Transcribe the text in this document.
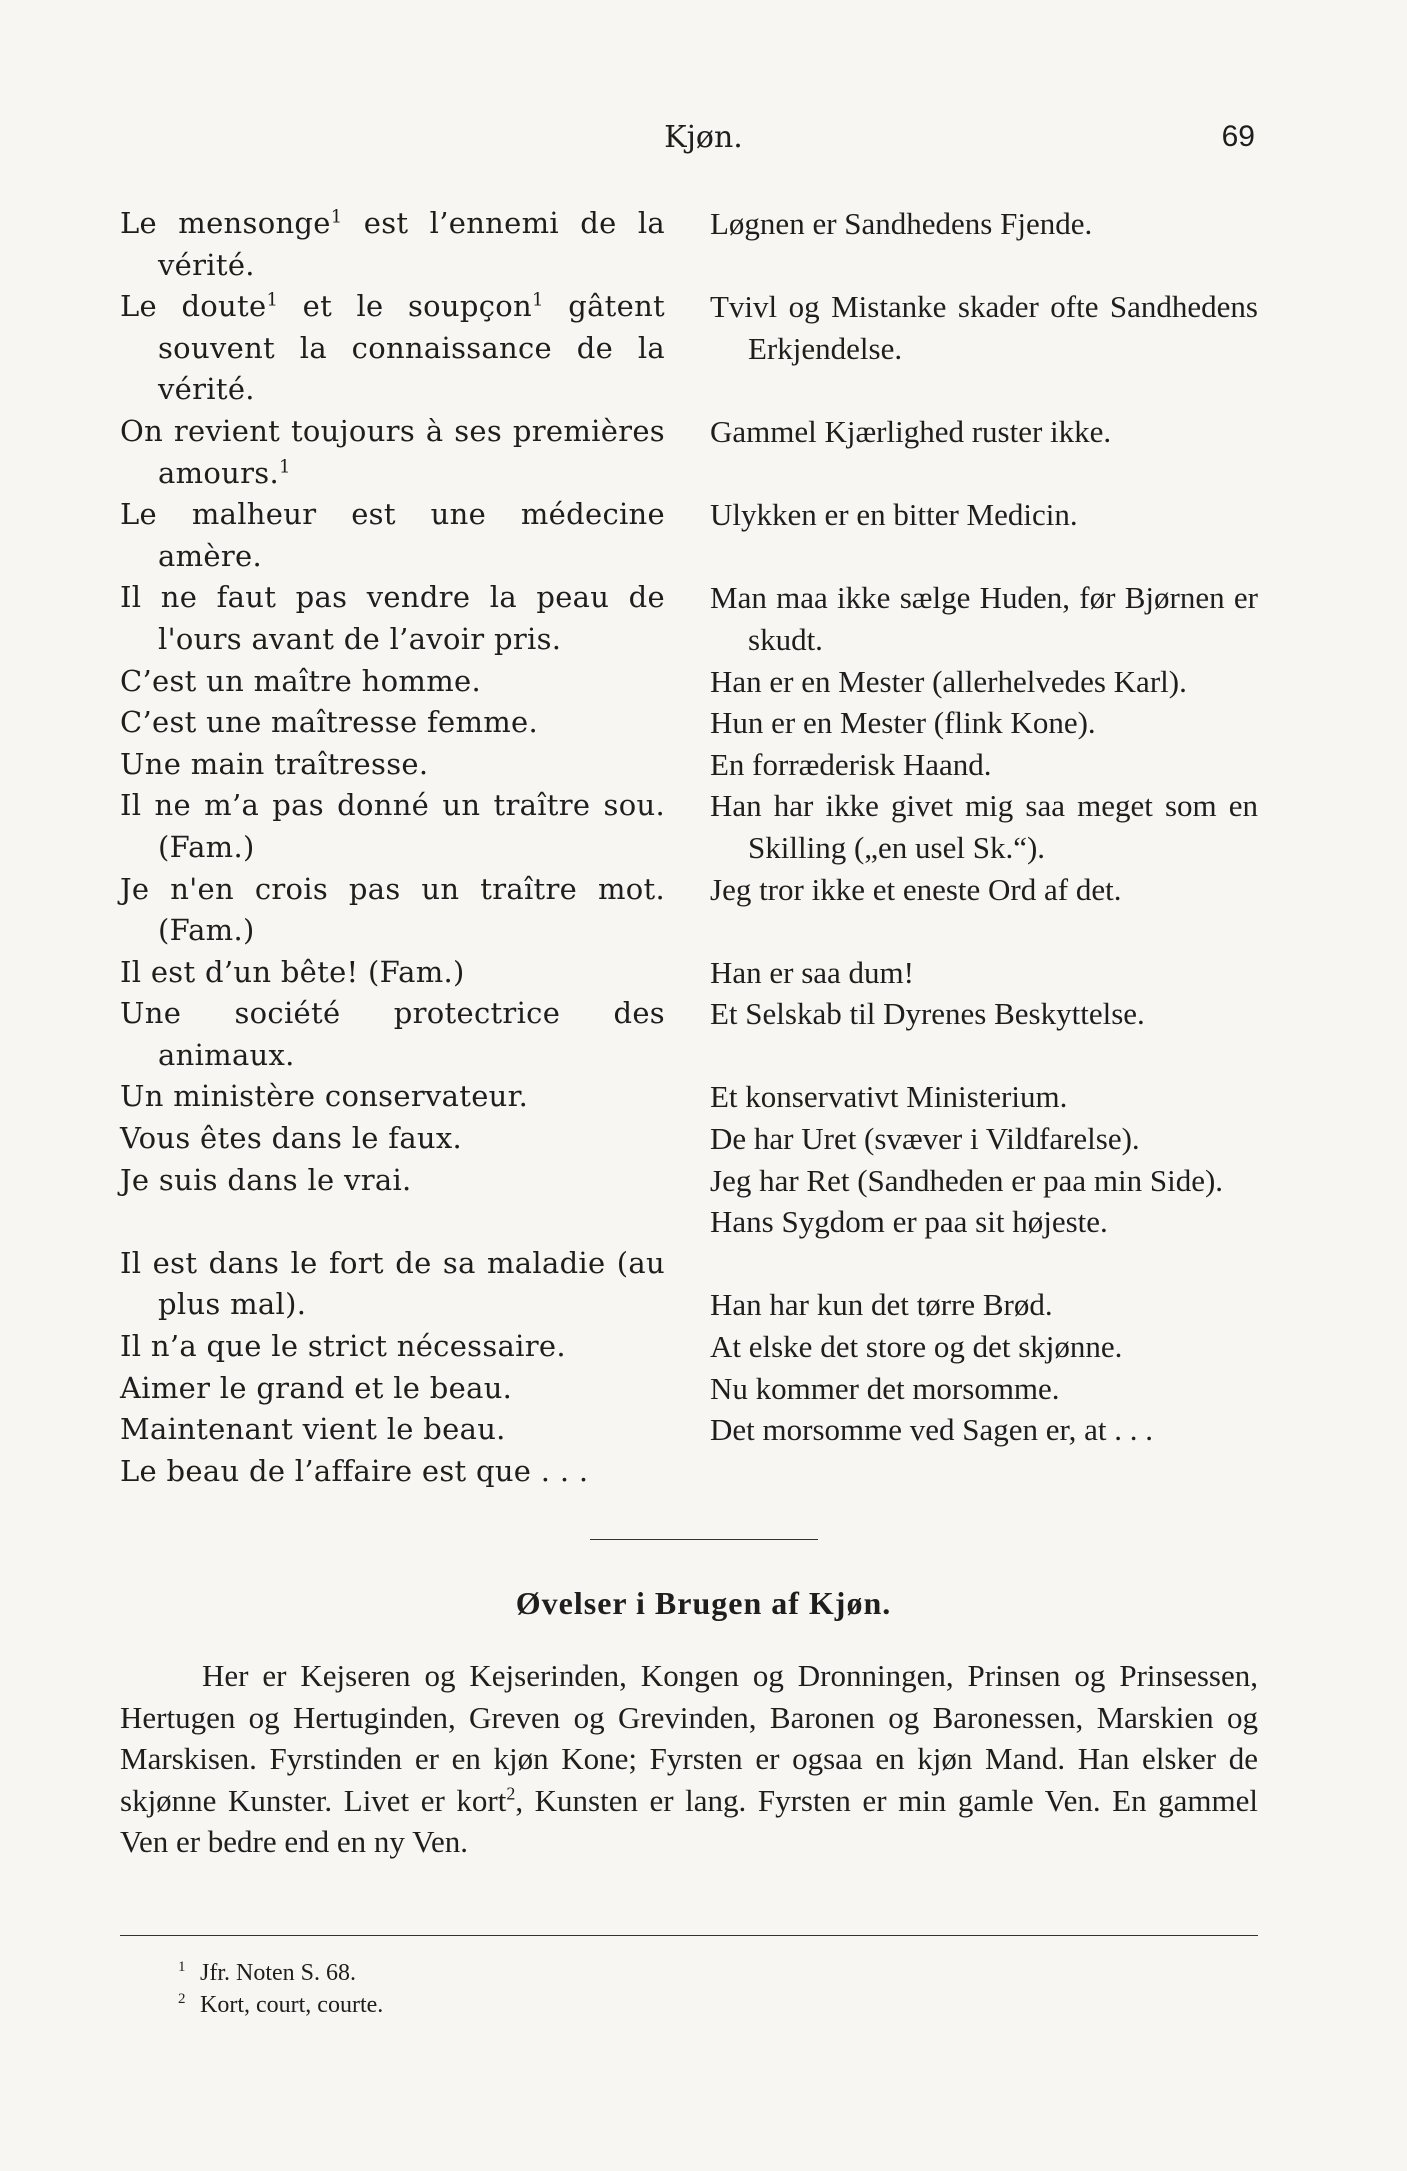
Kjøn.	69
Le mensonge$^1$ est l’ennemi de la vérité.
Le doute$^1$ et le soupçon$^1$ gâtent souvent la connaissance de la vérité.
On revient toujours à ses premières amours.$^1$
Le malheur est une médecine amère.
Il ne faut pas vendre la peau de l'ours avant de l’avoir pris.
C’est un maître homme.
C’est une maîtresse femme.
Une main traîtresse.
Il ne m’a pas donné un traître sou. (Fam.)
Je n'en crois pas un traître mot. (Fam.)
Il est d’un bête! (Fam.)
Une société protectrice des animaux.
Un ministère conservateur.
Vous êtes dans le faux.
Je suis dans le vrai.
Il est dans le fort de sa maladie (au plus mal).
Il n’a que le strict nécessaire.
Aimer le grand et le beau.
Maintenant vient le beau.
Le beau de l’affaire est que . . .
Løgnen er Sandhedens Fjende.
Tvivl og Mistanke skader ofte Sandhedens Erkjendelse.
Gammel Kjærlighed ruster ikke.
Ulykken er en bitter Medicin.
Man maa ikke sælge Huden, før Bjørnen er skudt.
Han er en Mester (allerhelvedes Karl).
Hun er en Mester (flink Kone).
En forræderisk Haand.
Han har ikke givet mig saa meget som en Skilling („en usel Sk.“).
Jeg tror ikke et eneste Ord af det.
Han er saa dum!
Et Selskab til Dyrenes Beskyttelse.
Et konservativt Ministerium.
De har Uret (svæver i Vildfarelse).
Jeg har Ret (Sandheden er paa min Side).
Hans Sygdom er paa sit højeste.
Han har kun det tørre Brød.
At elske det store og det skjønne.
Nu kommer det morsomme.
Det morsomme ved Sagen er, at . . .
Øvelser i Brugen af Kjøn.
Her er Kejseren og Kejserinden, Kongen og Dronningen, Prinsen og Prinsessen, Hertugen og Hertuginden, Greven og Grevinden, Baronen og Baronessen, Marskien og Marskisen. Fyrstinden er en kjøn Kone; Fyrsten er ogsaa en kjøn Mand. Han elsker de skjønne Kunster. Livet er kort$^2$, Kunsten er lang. Fyrsten er min gamle Ven. En gammel Ven er bedre end en ny Ven.
1 Jfr. Noten S. 68.
2 Kort, court, courte.
